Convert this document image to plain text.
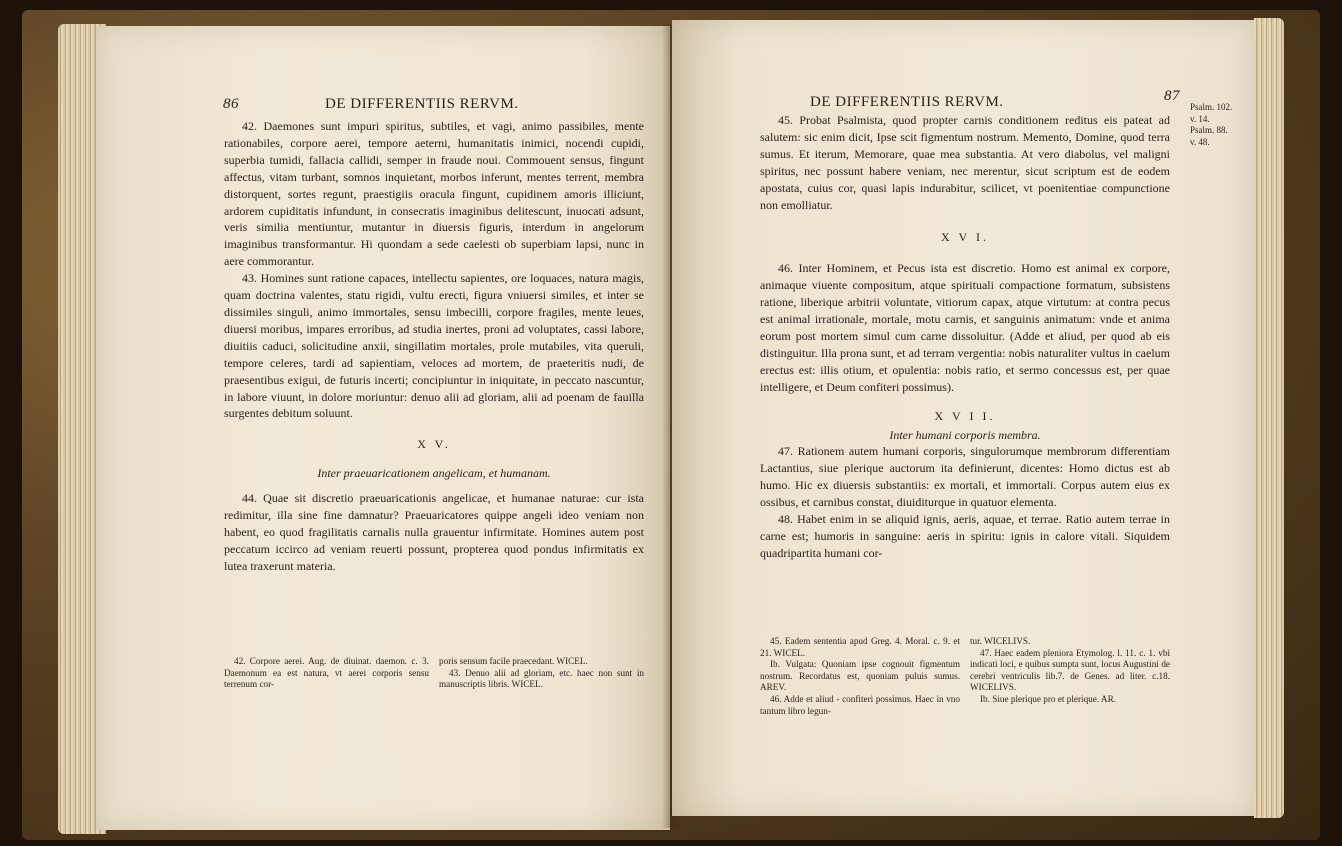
86	DE DIFFERENTIIS RERVM.

42. Daemones sunt impuri spiritus, subtiles, et vagi, animo passibiles, mente rationabiles, corpore aerei, tempore aeterni, humanitatis inimici, nocendi cupidi, superbia tumidi, fallacia callidi, semper in fraude noui. Commouent sensus, fingunt affectus, vitam turbant, somnos inquietant, morbos inferunt, mentes terrent, membra distorquent, sortes regunt, praestigiis oracula fingunt, cupidinem amoris illiciunt, ardorem cupiditatis infundunt, in consecratis imaginibus delitescunt, inuocati adsunt, veris similia mentiuntur, mutantur in diuersis figuris, interdum in angelorum imaginibus transformantur. Hi quondam a sede caelesti ob superbiam lapsi, nunc in aere commorantur.

43. Homines sunt ratione capaces, intellectu sapientes, ore loquaces, natura magis, quam doctrina valentes, statu rigidi, vultu erecti, figura vniuersi similes, et inter se dissimiles singuli, animo immortales, sensu imbecilli, corpore fragiles, mente leues, diuersi moribus, impares erroribus, ad studia inertes, proni ad voluptates, cassi labore, diuitiis caduci, solicitudine anxii, singillatim mortales, prole mutabiles, vita queruli, tempore celeres, tardi ad sapientiam, veloces ad mortem, de praeteritis nudi, de praesentibus exigui, de futuris incerti; concipiuntur in iniquitate, in peccato nascuntur, in labore viuunt, in dolore moriuntur: denuo alii ad gloriam, alii ad poenam de fauilla surgentes debitum soluunt.

X V.

Inter praeuaricationem angelicam, et humanam.

44. Quae sit discretio praeuaricationis angelicae, et humanae naturae: cur ista redimitur, illa sine fine damnatur? Praeuaricatores quippe angeli ideo veniam non habent, eo quod fragilitatis carnalis nulla grauentur infirmitate. Homines autem post peccatum iccirco ad veniam reuerti possunt, propterea quod pondus infirmitatis ex lutea traxerunt materia.

42. Corpore aerei. Aug. de diuinat. daemon. c. 3. Daemonum ea est natura, vt aerei corporis sensu terrenum cor-

poris sensum facile praecedant. WICEL.

43. Denuo alii ad gloriam, etc. haec non sunt in manuscriptis libris. WICEL.

DE DIFFERENTIIS RERVM.	87
Psalm. 102.
v. 14.
Psalm. 88.
v. 48.

45. Probat Psalmista, quod propter carnis conditionem reditus eis pateat ad salutem: sic enim dicit, Ipse scit figmentum nostrum. Memento, Domine, quod terra sumus. Et iterum, Memorare, quae mea substantia. At vero diabolus, vel maligni spiritus, nec possunt habere veniam, nec merentur, sicut scriptum est de eodem apostata, cuius cor, quasi lapis indurabitur, scilicet, vt poenitentiae compunctione non emolliatur.

X V I.

46. Inter Hominem, et Pecus ista est discretio. Homo est animal ex corpore, animaque viuente compositum, atque spirituali compactione formatum, subsistens ratione, liberique arbitrii voluntate, vitiorum capax, atque virtutum: at contra pecus est animal irrationale, mortale, motu carnis, et sanguinis animatum: vnde et anima eorum post mortem simul cum carne dissoluitur. (Adde et aliud, per quod ab eis distinguitur. Illa prona sunt, et ad terram vergentia: nobis naturaliter vultus in caelum erectus est: illis otium, et opulentia: nobis ratio, et sermo concessus est, per quae intelligere, et Deum confiteri possimus).

X V I I.

Inter humani corporis membra.

47. Rationem autem humani corporis, singulorumque membrorum differentiam Lactantius, siue plerique auctorum ita definierunt, dicentes: Homo dictus est ab humo. Hic ex diuersis substantiis: ex mortali, et immortali. Corpus autem eius ex ossibus, et carnibus constat, diuiditurque in quatuor elementa.

48. Habet enim in se aliquid ignis, aeris, aquae, et terrae. Ratio autem terrae in carne est; humoris in sanguine: aeris in spiritu: ignis in calore vitali. Siquidem quadripartita humani cor-

45. Eadem sententia apud Greg. 4. Moral. c. 9. et 21. WICEL.

Ib. Vulgata: Quoniam ipse cognouit figmentum nostrum. Recordatus est, quoniam puluis sumus. AREV.

46. Adde et aliud - confiteri possimus. Haec in vno tantum libro legun-

tur. WICELIVS.

47. Haec eadem pleniora Etymolog. l. 11. c. 1. vbi indicati loci, e quibus sumpta sunt, locus Augustini de cerebri ventriculis lib.7. de Genes. ad liter. c.18. WICELIVS.

Ib. Siue plerique pro et plerique. AR.
